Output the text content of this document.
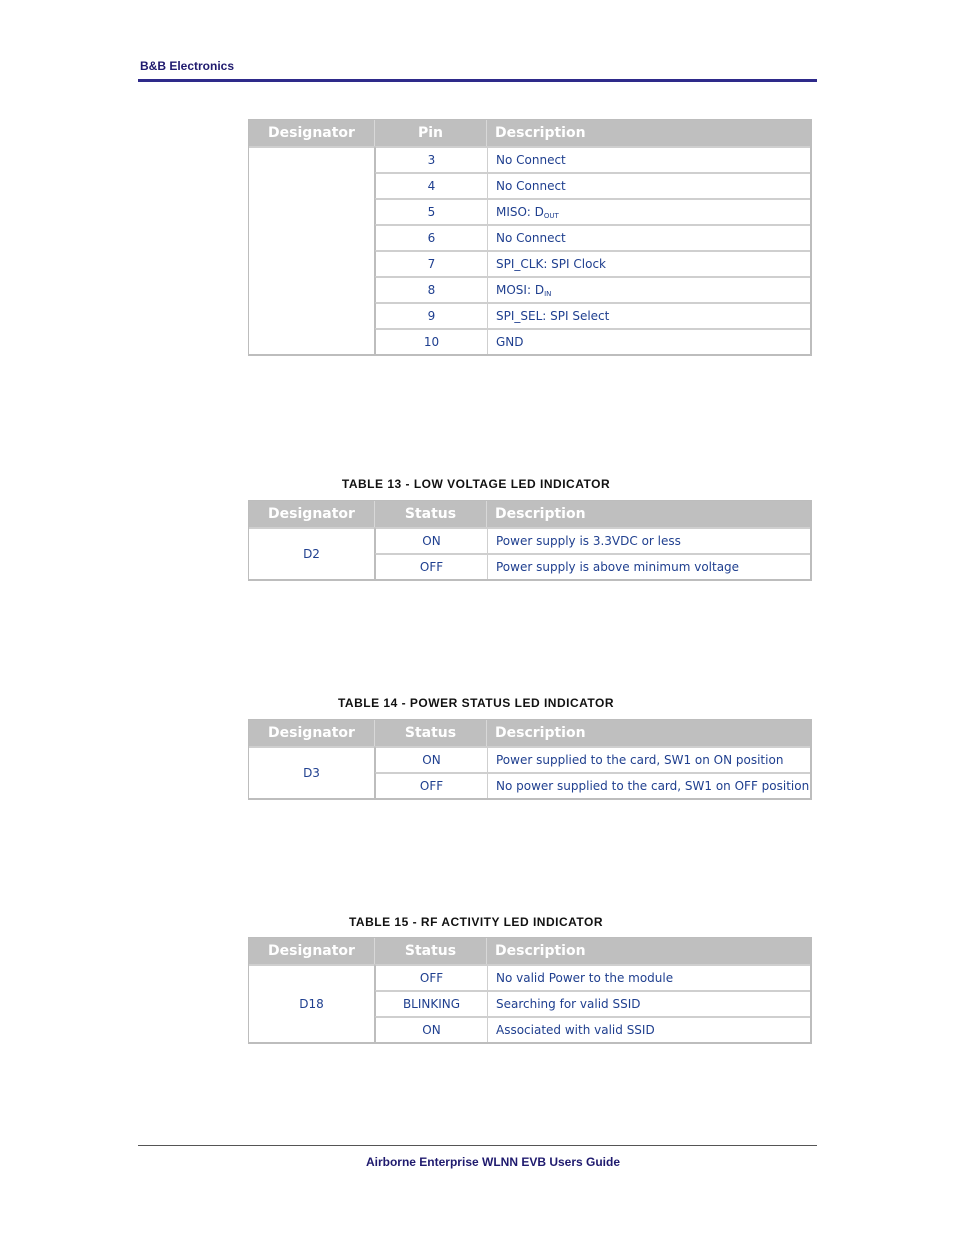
B&B Electronics
Designator	Pin	Description
	3	No Connect
	4	No Connect
	5	MISO: $D_{OUT}$
	6	No Connect
	7	SPI_CLK: SPI Clock
	8	MOSI: $D_{IN}$
	9	SPI_SEL: SPI Select
	10	GND
TABLE 13 - LOW VOLTAGE LED INDICATOR
Designator	Status	Description
D2	ON	Power supply is 3.3VDC or less
	OFF	Power supply is above minimum voltage
TABLE 14 - POWER STATUS LED INDICATOR
Designator	Status	Description
D3	ON	Power supplied to the card, SW1 on ON position
	OFF	No power supplied to the card, SW1 on OFF position
TABLE 15 - RF ACTIVITY LED INDICATOR
Designator	Status	Description
D18	OFF	No valid Power to the module
	BLINKING	Searching for valid SSID
	ON	Associated with valid SSID
Airborne Enterprise WLNN EVB Users Guide
